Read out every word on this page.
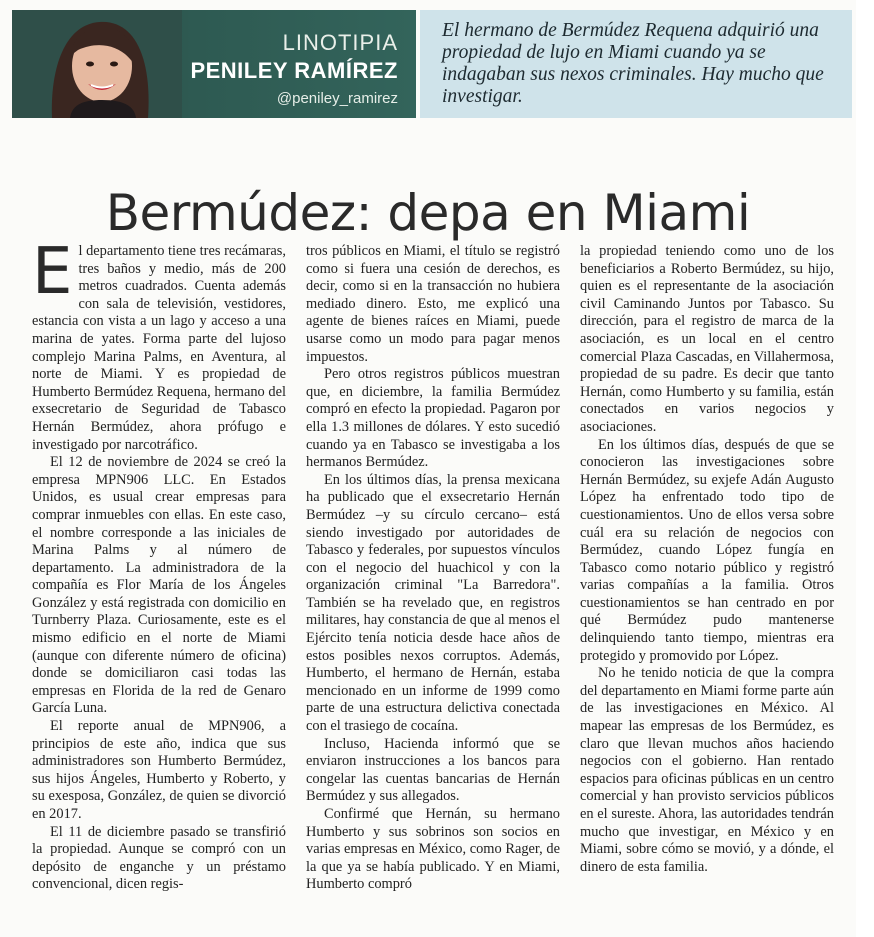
LINOTIPIA
PENILEY RAMÍREZ
@peniley_ramirez
El hermano de Bermúdez Requena adquirió una propiedad de lujo en Miami cuando ya se indagaban sus nexos criminales. Hay mucho que investigar.
Bermúdez: depa en Miami

El departamento tiene tres recámaras, tres baños y medio, más de 200 metros cuadrados. Cuenta además con sala de televisión, vestidores, estancia con vista a un lago y acceso a una marina de yates. Forma parte del lujoso complejo Marina Palms, en Aventura, al norte de Miami. Y es propiedad de Humberto Bermúdez Requena, hermano del exsecretario de Seguridad de Tabasco Hernán Bermúdez, ahora prófugo e investigado por narcotráfico.

El 12 de noviembre de 2024 se creó la empresa MPN906 LLC. En Estados Unidos, es usual crear empresas para comprar inmuebles con ellas. En este caso, el nombre corresponde a las iniciales de Marina Palms y al número de departamento. La administradora de la compañía es Flor María de los Ángeles González y está registrada con domicilio en Turnberry Plaza. Curiosamente, este es el mismo edificio en el norte de Miami (aunque con diferente número de oficina) donde se domiciliaron casi todas las empresas en Florida de la red de Genaro García Luna.

El reporte anual de MPN906, a principios de este año, indica que sus administradores son Humberto Bermúdez, sus hijos Ángeles, Humberto y Roberto, y su exesposa, González, de quien se divorció en 2017.

El 11 de diciembre pasado se transfirió la propiedad. Aunque se compró con un depósito de enganche y un préstamo convencional, dicen regis-

tros públicos en Miami, el título se registró como si fuera una cesión de derechos, es decir, como si en la transacción no hubiera mediado dinero. Esto, me explicó una agente de bienes raíces en Miami, puede usarse como un modo para pagar menos impuestos.

Pero otros registros públicos muestran que, en diciembre, la familia Bermúdez compró en efecto la propiedad. Pagaron por ella 1.3 millones de dólares. Y esto sucedió cuando ya en Tabasco se investigaba a los hermanos Bermúdez.

En los últimos días, la prensa mexicana ha publicado que el exsecretario Hernán Bermúdez –y su círculo cercano– está siendo investigado por autoridades de Tabasco y federales, por supuestos vínculos con el negocio del huachicol y con la organización criminal "La Barredora". También se ha revelado que, en registros militares, hay constancia de que al menos el Ejército tenía noticia desde hace años de estos posibles nexos corruptos. Además, Humberto, el hermano de Hernán, estaba mencionado en un informe de 1999 como parte de una estructura delictiva conectada con el trasiego de cocaína.

Incluso, Hacienda informó que se enviaron instrucciones a los bancos para congelar las cuentas bancarias de Hernán Bermúdez y sus allegados.

Confirmé que Hernán, su hermano Humberto y sus sobrinos son socios en varias empresas en México, como Rager, de la que ya se había publicado. Y en Miami, Humberto compró

la propiedad teniendo como uno de los beneficiarios a Roberto Bermúdez, su hijo, quien es el representante de la asociación civil Caminando Juntos por Tabasco. Su dirección, para el registro de marca de la asociación, es un local en el centro comercial Plaza Cascadas, en Villahermosa, propiedad de su padre. Es decir que tanto Hernán, como Humberto y su familia, están conectados en varios negocios y asociaciones.

En los últimos días, después de que se conocieron las investigaciones sobre Hernán Bermúdez, su exjefe Adán Augusto López ha enfrentado todo tipo de cuestionamientos. Uno de ellos versa sobre cuál era su relación de negocios con Bermúdez, cuando López fungía en Tabasco como notario público y registró varias compañías a la familia. Otros cuestionamientos se han centrado en por qué Bermúdez pudo mantenerse delinquiendo tanto tiempo, mientras era protegido y promovido por López.

No he tenido noticia de que la compra del departamento en Miami forme parte aún de las investigaciones en México. Al mapear las empresas de los Bermúdez, es claro que llevan muchos años haciendo negocios con el gobierno. Han rentado espacios para oficinas públicas en un centro comercial y han provisto servicios públicos en el sureste. Ahora, las autoridades tendrán mucho que investigar, en México y en Miami, sobre cómo se movió, y a dónde, el dinero de esta familia.
